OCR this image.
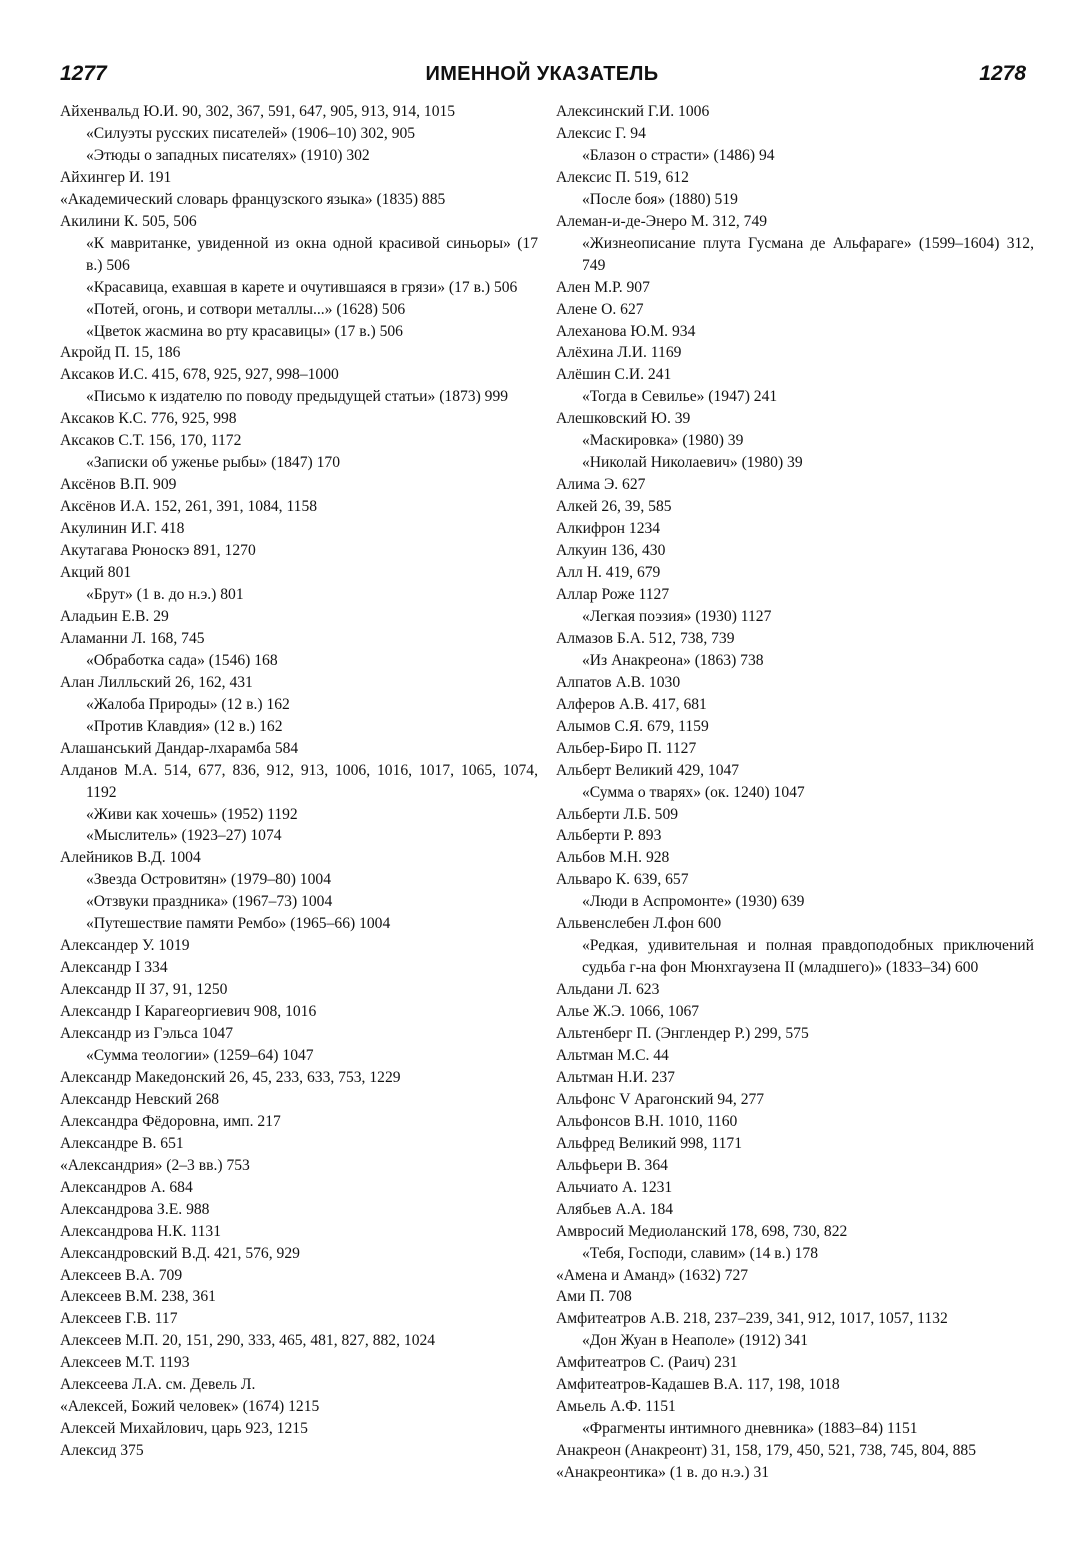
1277	ИМЕННОЙ УКАЗАТЕЛЬ	1278

Айхенвальд Ю.И. 90, 302, 367, 591, 647, 905, 913, 914, 1015

«Силуэты русских писателей» (1906–10) 302, 905

«Этюды о западных писателях» (1910) 302

Айхингер И. 191

«Академический словарь французского языка» (1835) 885

Акилини К. 505, 506

«К мавританке, увиденной из окна одной красивой синьоры» (17 в.) 506

«Красавица, ехавшая в карете и очутившаяся в грязи» (17 в.) 506

«Потей, огонь, и сотвори металлы...» (1628) 506

«Цветок жасмина во рту красавицы» (17 в.) 506

Акройд П. 15, 186

Аксаков И.С. 415, 678, 925, 927, 998–1000

«Письмо к издателю по поводу предыдущей статьи» (1873) 999

Аксаков К.С. 776, 925, 998

Аксаков С.Т. 156, 170, 1172

«Записки об уженье рыбы» (1847) 170

Аксёнов В.П. 909

Аксёнов И.А. 152, 261, 391, 1084, 1158

Акулинин И.Г. 418

Акутагава Рюноскэ 891, 1270

Акций 801

«Брут» (1 в. до н.э.) 801

Аладьин Е.В. 29

Аламанни Л. 168, 745

«Обработка сада» (1546) 168

Алан Лилльский 26, 162, 431

«Жалоба Природы» (12 в.) 162

«Против Клавдия» (12 в.) 162

Алашанський Дандар-лхарамба 584

Алданов М.А. 514, 677, 836, 912, 913, 1006, 1016, 1017, 1065, 1074, 1192

«Живи как хочешь» (1952) 1192

«Мыслитель» (1923–27) 1074

Алейников В.Д. 1004

«Звезда Островитян» (1979–80) 1004

«Отзвуки праздника» (1967–73) 1004

«Путешествие памяти Рембо» (1965–66) 1004

Александер У. 1019

Александр I 334

Александр II 37, 91, 1250

Александр I Карагеоргиевич 908, 1016

Александр из Гэльса 1047

«Сумма теологии» (1259–64) 1047

Александр Македонский 26, 45, 233, 633, 753, 1229

Александр Невский 268

Александра Фёдоровна, имп. 217

Александре В. 651

«Александрия» (2–3 вв.) 753

Александров А. 684

Александрова З.Е. 988

Александрова Н.К. 1131

Александровский В.Д. 421, 576, 929

Алексеев В.А. 709

Алексеев В.М. 238, 361

Алексеев Г.В. 117

Алексеев М.П. 20, 151, 290, 333, 465, 481, 827, 882, 1024

Алексеев М.Т. 1193

Алексеева Л.А. см. Девель Л.

«Алексей, Божий человек» (1674) 1215

Алексей Михайлович, царь 923, 1215

Алексид 375

Алексинский Г.И. 1006

Алексис Г. 94

«Блазон о страсти» (1486) 94

Алексис П. 519, 612

«После боя» (1880) 519

Алеман-и-де-Энеро М. 312, 749

«Жизнеописание плута Гусмана де Альфараге» (1599–1604) 312, 749

Ален М.Р. 907

Алене О. 627

Алеханова Ю.М. 934

Алёхина Л.И. 1169

Алёшин С.И. 241

«Тогда в Севилье» (1947) 241

Алешковский Ю. 39

«Маскировка» (1980) 39

«Николай Николаевич» (1980) 39

Алима Э. 627

Алкей 26, 39, 585

Алкифрон 1234

Алкуин 136, 430

Алл Н. 419, 679

Аллар Роже 1127

«Легкая поэзия» (1930) 1127

Алмазов Б.А. 512, 738, 739

«Из Анакреона» (1863) 738

Алпатов А.В. 1030

Алферов А.В. 417, 681

Алымов С.Я. 679, 1159

Альбер-Биро П. 1127

Альберт Великий 429, 1047

«Сумма о тварях» (ок. 1240) 1047

Альберти Л.Б. 509

Альберти Р. 893

Альбов М.Н. 928

Альваро К. 639, 657

«Люди в Аспромонте» (1930) 639

Альвенслебен Л.фон 600

«Редкая, удивительная и полная правдоподобных приключений судьба г-на фон Мюнхгаузена II (младшего)» (1833–34) 600

Альдани Л. 623

Алье Ж.Э. 1066, 1067

Альтенберг П. (Энглендер Р.) 299, 575

Альтман М.С. 44

Альтман Н.И. 237

Альфонс V Арагонский 94, 277

Альфонсов В.Н. 1010, 1160

Альфред Великий 998, 1171

Альфьери В. 364

Альчиато А. 1231

Алябьев А.А. 184

Амвросий Медиоланский 178, 698, 730, 822

«Тебя, Господи, славим» (14 в.) 178

«Амена и Аманд» (1632) 727

Ами П. 708

Амфитеатров А.В. 218, 237–239, 341, 912, 1017, 1057, 1132

«Дон Жуан в Неаполе» (1912) 341

Амфитеатров С. (Раич) 231

Амфитеатров-Кадашев В.А. 117, 198, 1018

Амьель А.Ф. 1151

«Фрагменты интимного дневника» (1883–84) 1151

Анакреон (Анакреонт) 31, 158, 179, 450, 521, 738, 745, 804, 885

«Анакреонтика» (1 в. до н.э.) 31
